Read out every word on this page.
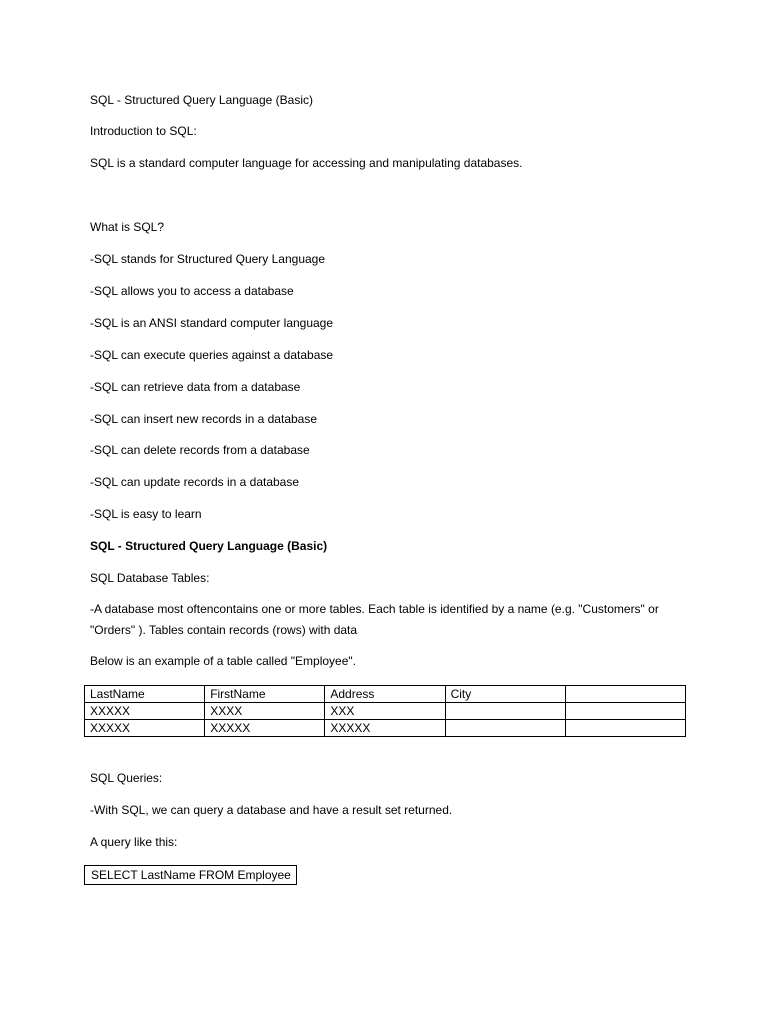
SQL - Structured Query Language (Basic)

Introduction to SQL:

SQL is a standard computer language for accessing and manipulating databases.

What is SQL?

-SQL stands for Structured Query Language

-SQL allows you to access a database

-SQL is an ANSI standard computer language

-SQL can execute queries against a database

-SQL can retrieve data from a database

-SQL can insert new records in a database

-SQL can delete records from a database

-SQL can update records in a database

-SQL is easy to learn

SQL - Structured Query Language (Basic)

SQL Database Tables:

-A database most oftencontains one or more tables. Each table is identified by a name (e.g. "Customers" or "Orders" ). Tables contain records (rows) with data

Below is an example of a table called "Employee".

LastName	FirstName	Address	City	
XXXXX	XXXX	XXX		
XXXXX	XXXXX	XXXXX		

SQL Queries:

-With SQL, we can query a database and have a result set returned.

A query like this:

SELECT LastName FROM Employee
